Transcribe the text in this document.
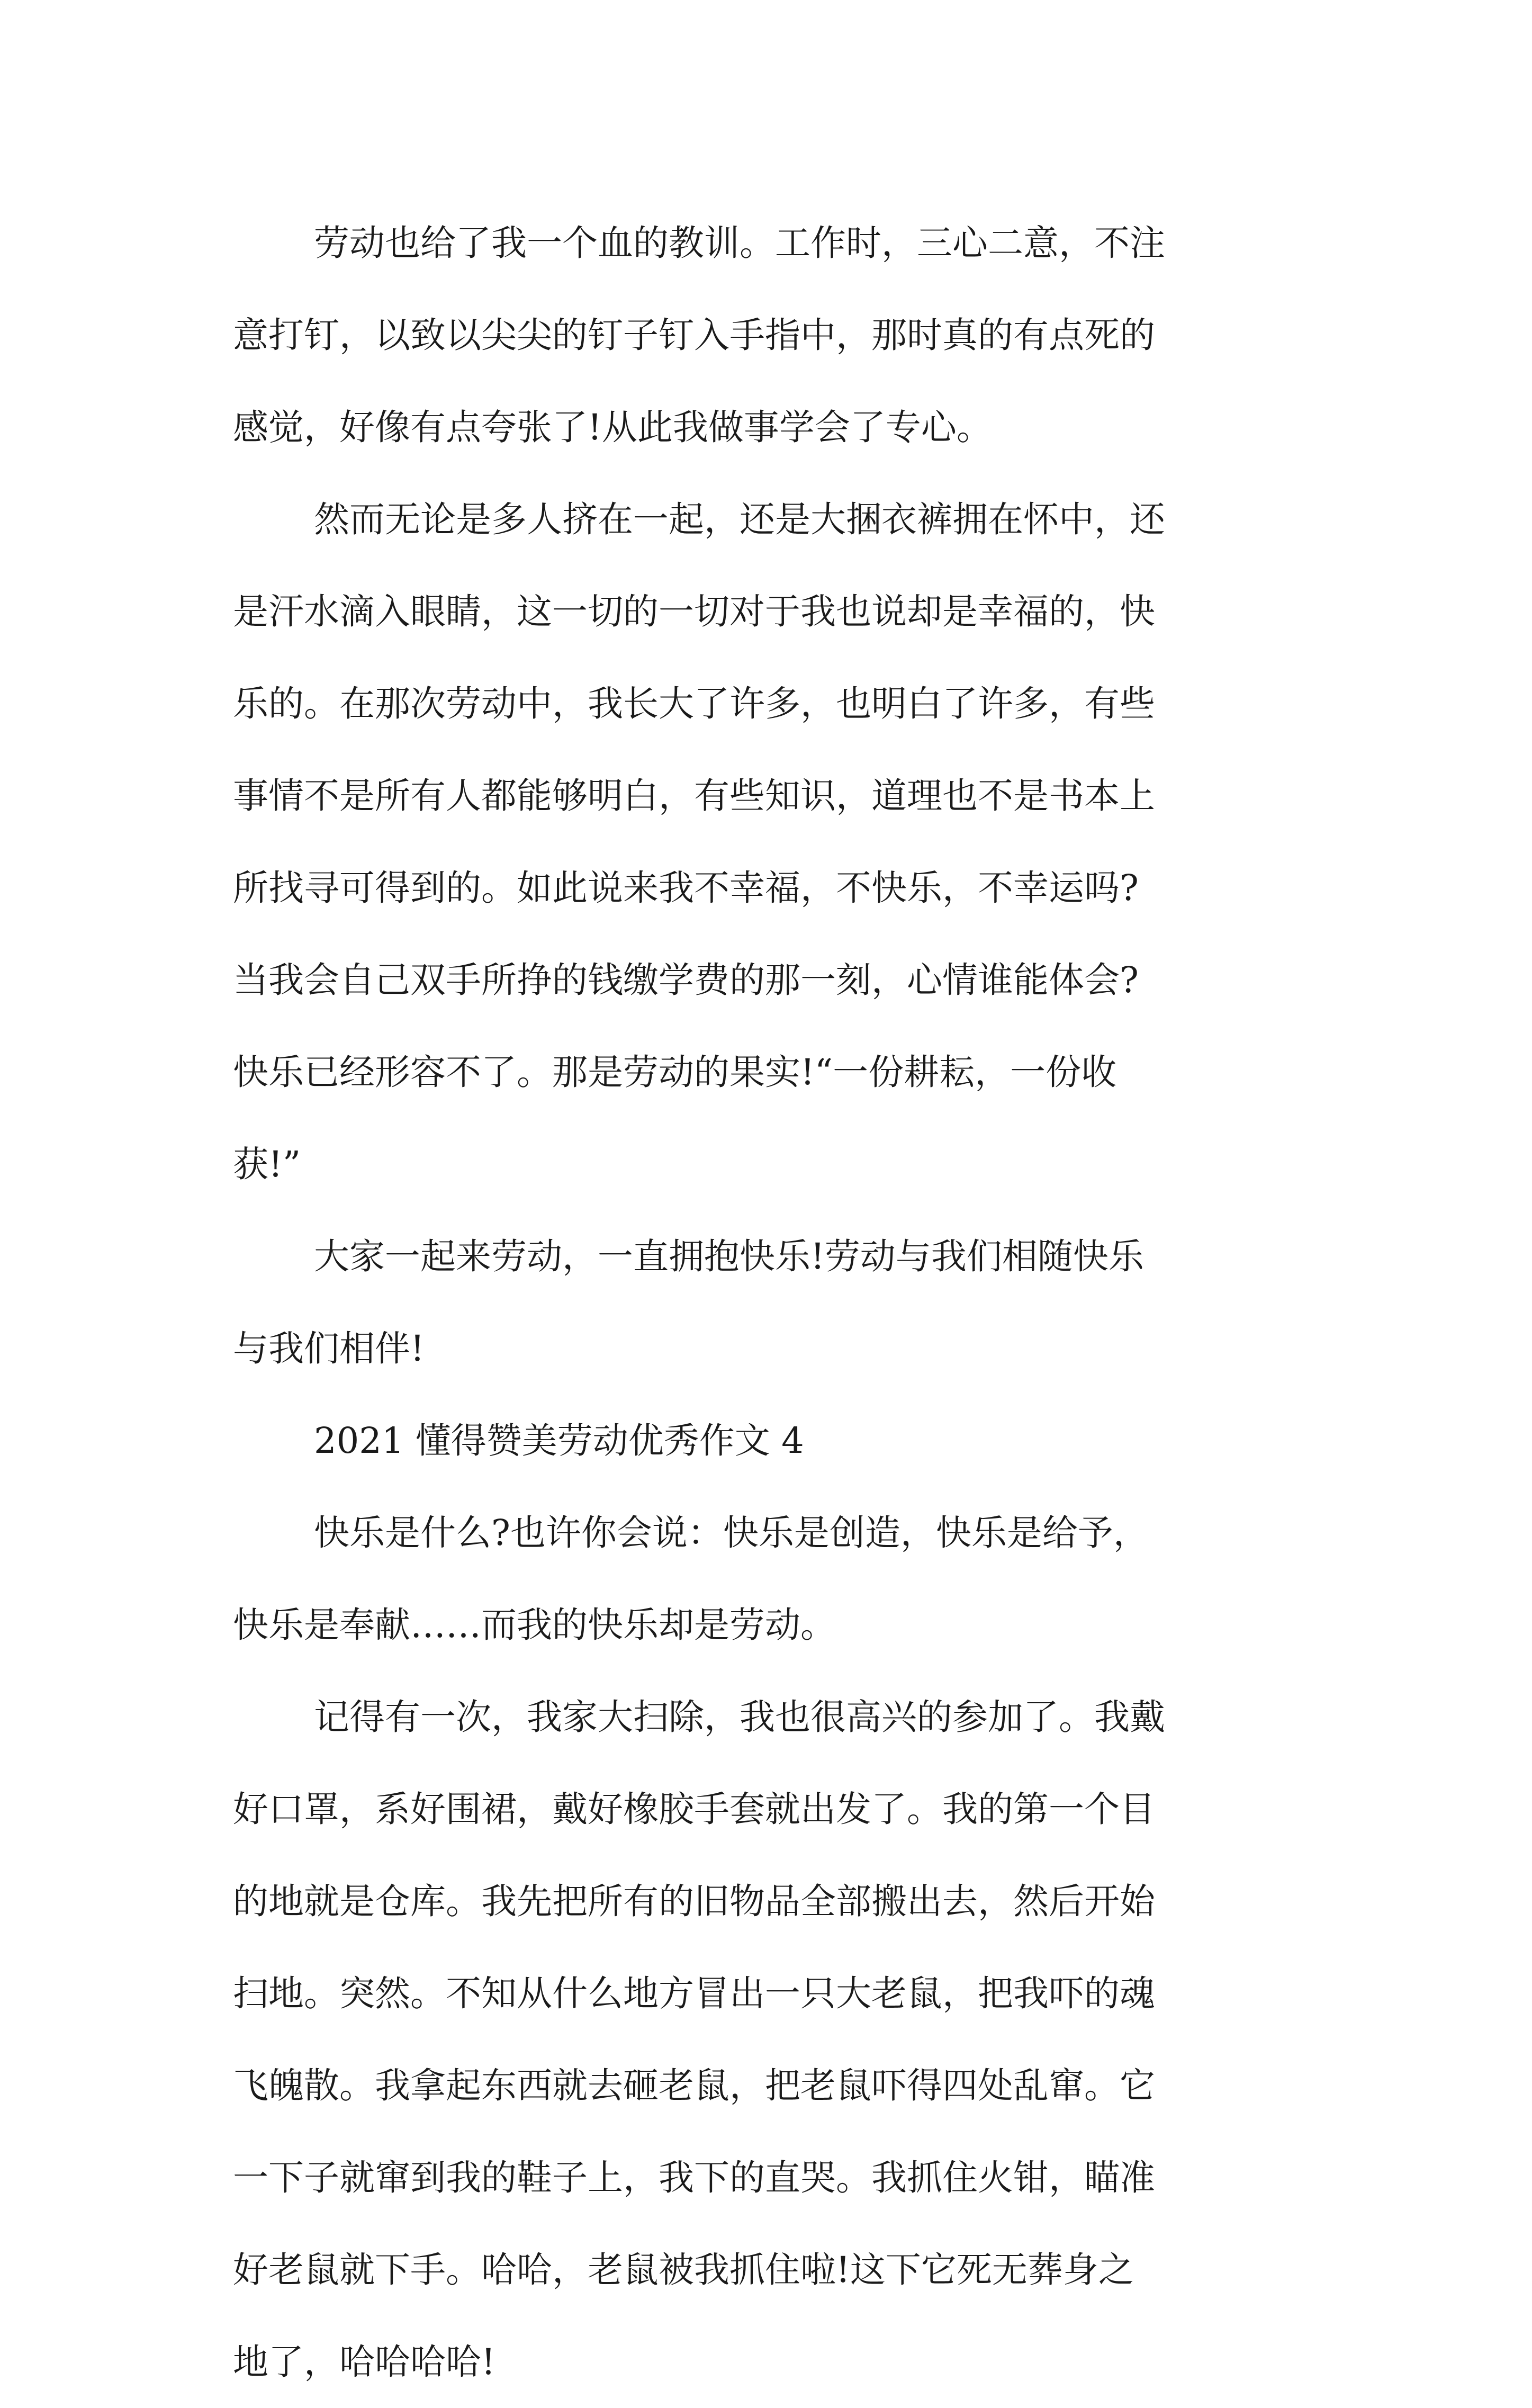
劳动也给了我一个血的教训。工作时，三心二意，不注
意打钉，以致以尖尖的钉子钉入手指中，那时真的有点死的
感觉，好像有点夸张了!从此我做事学会了专心。
然而无论是多人挤在一起，还是大捆衣裤拥在怀中，还
是汗水滴入眼睛，这一切的一切对于我也说却是幸福的，快
乐的。在那次劳动中，我长大了许多，也明白了许多，有些
事情不是所有人都能够明白，有些知识，道理也不是书本上
所找寻可得到的。如此说来我不幸福，不快乐，不幸运吗?
当我会自己双手所挣的钱缴学费的那一刻，心情谁能体会?
快乐已经形容不了。那是劳动的果实!“一份耕耘，一份收
获!”
大家一起来劳动，一直拥抱快乐!劳动与我们相随快乐
与我们相伴!
2021 懂得赞美劳动优秀作文 4
快乐是什么?也许你会说：快乐是创造，快乐是给予，
快乐是奉献……而我的快乐却是劳动。
记得有一次，我家大扫除，我也很高兴的参加了。我戴
好口罩，系好围裙，戴好橡胶手套就出发了。我的第一个目
的地就是仓库。我先把所有的旧物品全部搬出去，然后开始
扫地。突然。不知从什么地方冒出一只大老鼠，把我吓的魂
飞魄散。我拿起东西就去砸老鼠，把老鼠吓得四处乱窜。它
一下子就窜到我的鞋子上，我下的直哭。我抓住火钳，瞄准
好老鼠就下手。哈哈，老鼠被我抓住啦!这下它死无葬身之
地了，哈哈哈哈!
